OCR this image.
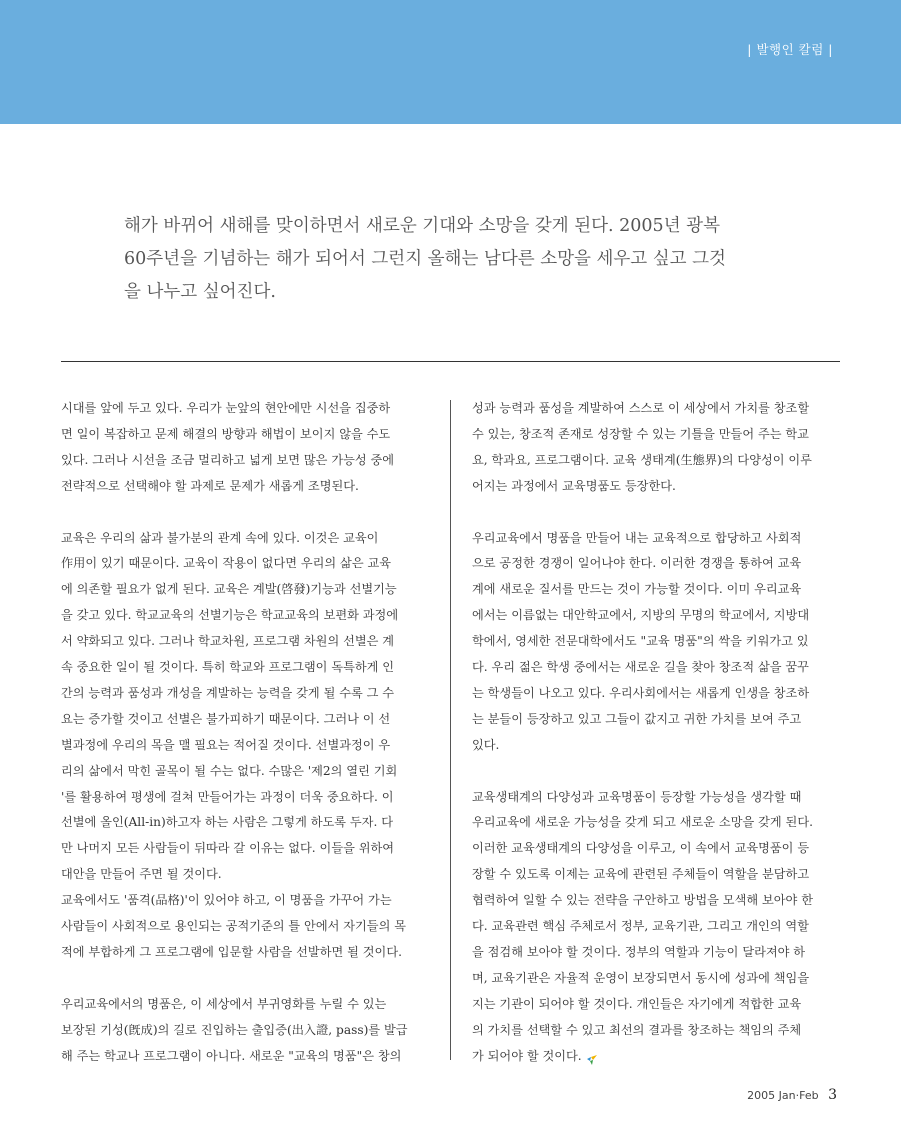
| 발행인 칼럼 |

해가 바뀌어 새해를 맞이하면서 새로운 기대와 소망을 갖게 된다. 2005년 광복

60주년을 기념하는 해가 되어서 그런지 올해는 남다른 소망을 세우고 싶고 그것

을 나누고 싶어진다.

시대를 앞에 두고 있다. 우리가 눈앞의 현안에만 시선을 집중하

면 일이 복잡하고 문제 해결의 방향과 해법이 보이지 않을 수도

있다. 그러나 시선을 조금 멀리하고 넓게 보면 많은 가능성 중에

전략적으로 선택해야 할 과제로 문제가 새롭게 조명된다.

교육은 우리의 삶과 불가분의 관계 속에 있다. 이것은 교육이

作用이 있기 때문이다. 교육이 작용이 없다면 우리의 삶은 교육

에 의존할 필요가 없게 된다. 교육은 계발(啓發)기능과 선별기능

을 갖고 있다. 학교교육의 선별기능은 학교교육의 보편화 과정에

서 약화되고 있다. 그러나 학교차원, 프로그램 차원의 선별은 계

속 중요한 일이 될 것이다. 특히 학교와 프로그램이 독특하게 인

간의 능력과 품성과 개성을 계발하는 능력을 갖게 될 수록 그 수

요는 증가할 것이고 선별은 불가피하기 때문이다. 그러나 이 선

별과정에 우리의 목을 맬 필요는 적어질 것이다. 선별과정이 우

리의 삶에서 막힌 골목이 될 수는 없다. 수많은 '제2의 열린 기회

'를 활용하여 평생에 걸쳐 만들어가는 과정이 더욱 중요하다. 이

선별에 올인(All-in)하고자 하는 사람은 그렇게 하도록 두자. 다

만 나머지 모든 사람들이 뒤따라 갈 이유는 없다. 이들을 위하여

대안을 만들어 주면 될 것이다.

교육에서도 '품격(品格)'이 있어야 하고, 이 명품을 가꾸어 가는

사람들이 사회적으로 용인되는 공적기준의 틀 안에서 자기들의 목

적에 부합하게 그 프로그램에 입문할 사람을 선발하면 될 것이다.

우리교육에서의 명품은, 이 세상에서 부귀영화를 누릴 수 있는

보장된 기성(旣成)의 길로 진입하는 출입증(出入證, pass)를 발급

해 주는 학교나 프로그램이 아니다. 새로운 "교육의 명품"은 창의

성과 능력과 품성을 계발하여 스스로 이 세상에서 가치를 창조할

수 있는, 창조적 존재로 성장할 수 있는 기틀을 만들어 주는 학교

요, 학과요, 프로그램이다. 교육 생태계(生態界)의 다양성이 이루

어지는 과정에서 교육명품도 등장한다.

우리교육에서 명품을 만들어 내는 교육적으로 합당하고 사회적

으로 공정한 경쟁이 일어나야 한다. 이러한 경쟁을 통하여 교육

계에 새로운 질서를 만드는 것이 가능할 것이다. 이미 우리교육

에서는 이름없는 대안학교에서, 지방의 무명의 학교에서, 지방대

학에서, 영세한 전문대학에서도 "교육 명품"의 싹을 키워가고 있

다. 우리 젊은 학생 중에서는 새로운 길을 찾아 창조적 삶을 꿈꾸

는 학생들이 나오고 있다. 우리사회에서는 새롭게 인생을 창조하

는 분들이 등장하고 있고 그들이 값지고 귀한 가치를 보여 주고

있다.

교육생태계의 다양성과 교육명품이 등장할 가능성을 생각할 때

우리교육에 새로운 가능성을 갖게 되고 새로운 소망을 갖게 된다.

이러한 교육생태계의 다양성을 이루고, 이 속에서 교육명품이 등

장할 수 있도록 이제는 교육에 관련된 주체들이 역할을 분담하고

협력하여 일할 수 있는 전략을 구안하고 방법을 모색해 보아야 한

다. 교육관련 핵심 주체로서 정부, 교육기관, 그리고 개인의 역할

을 점검해 보아야 할 것이다. 정부의 역할과 기능이 달라져야 하

며, 교육기관은 자율적 운영이 보장되면서 동시에 성과에 책임을

지는 기관이 되어야 할 것이다. 개인들은 자기에게 적합한 교육

의 가치를 선택할 수 있고 최선의 결과를 창조하는 책임의 주체

가 되어야 할 것이다.

2005 Jan·Feb 3
